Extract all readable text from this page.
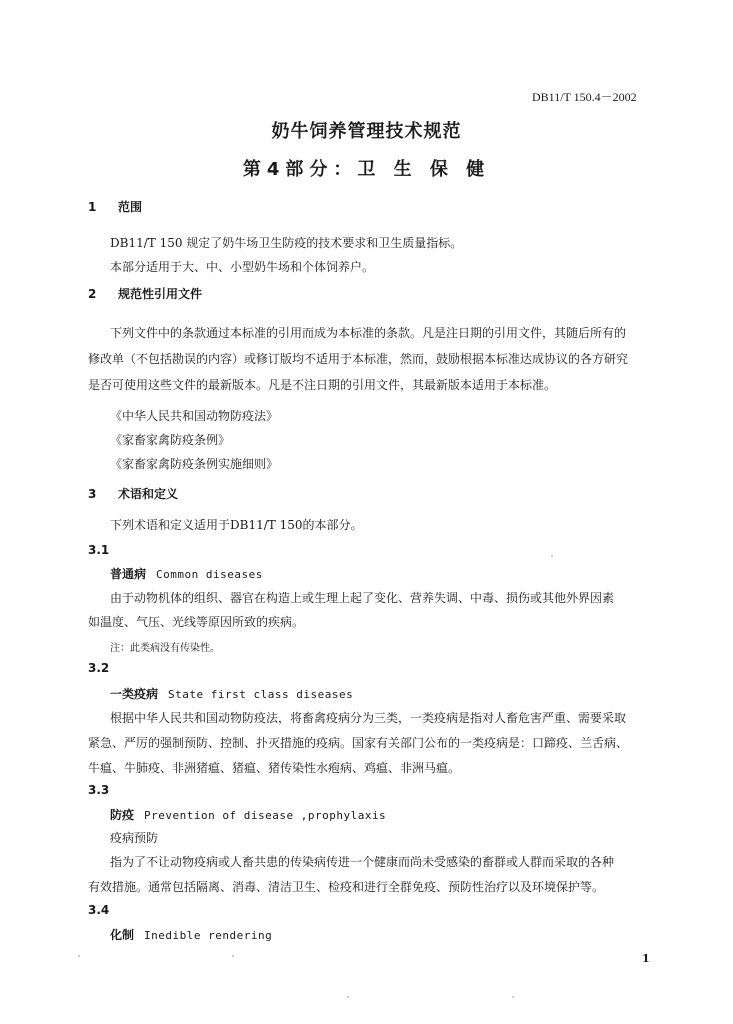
DB11/T 150.4－2002
奶牛饲养管理技术规范
第4部分：卫 生 保 健
1 范围
DB11/T 150 规定了奶牛场卫生防疫的技术要求和卫生质量指标。
本部分适用于大、中、小型奶牛场和个体饲养户。
2 规范性引用文件
下列文件中的条款通过本标准的引用而成为本标准的条款。凡是注日期的引用文件，其随后所有的
修改单（不包括勘误的内容）或修订版均不适用于本标准，然而，鼓励根据本标准达成协议的各方研究
是否可使用这些文件的最新版本。凡是不注日期的引用文件，其最新版本适用于本标准。
《中华人民共和国动物防疫法》
《家畜家禽防疫条例》
《家畜家禽防疫条例实施细则》
3 术语和定义
下列术语和定义适用于DB11/T 150的本部分。
3.1
普通病 Common diseases
由于动物机体的组织、器官在构造上或生理上起了变化、营养失调、中毒、损伤或其他外界因素
如温度、气压、光线等原因所致的疾病。
注：此类病没有传染性。
3.2
一类疫病 State first class diseases
根据中华人民共和国动物防疫法，将畜禽疫病分为三类，一类疫病是指对人畜危害严重、需要采取
紧急、严厉的强制预防、控制、扑灭措施的疫病。国家有关部门公布的一类疫病是：口蹄疫、兰舌病、
牛瘟、牛肺疫、非洲猪瘟、猪瘟、猪传染性水疱病、鸡瘟、非洲马瘟。
3.3
防疫 Prevention of disease ,prophylaxis
疫病预防
指为了不让动物疫病或人畜共患的传染病传进一个健康而尚未受感染的畜群或人群而采取的各种
有效措施。通常包括隔离、消毒、清洁卫生、检疫和进行全群免疫、预防性治疗以及环境保护等。
3.4
化制 Inedible rendering
1
